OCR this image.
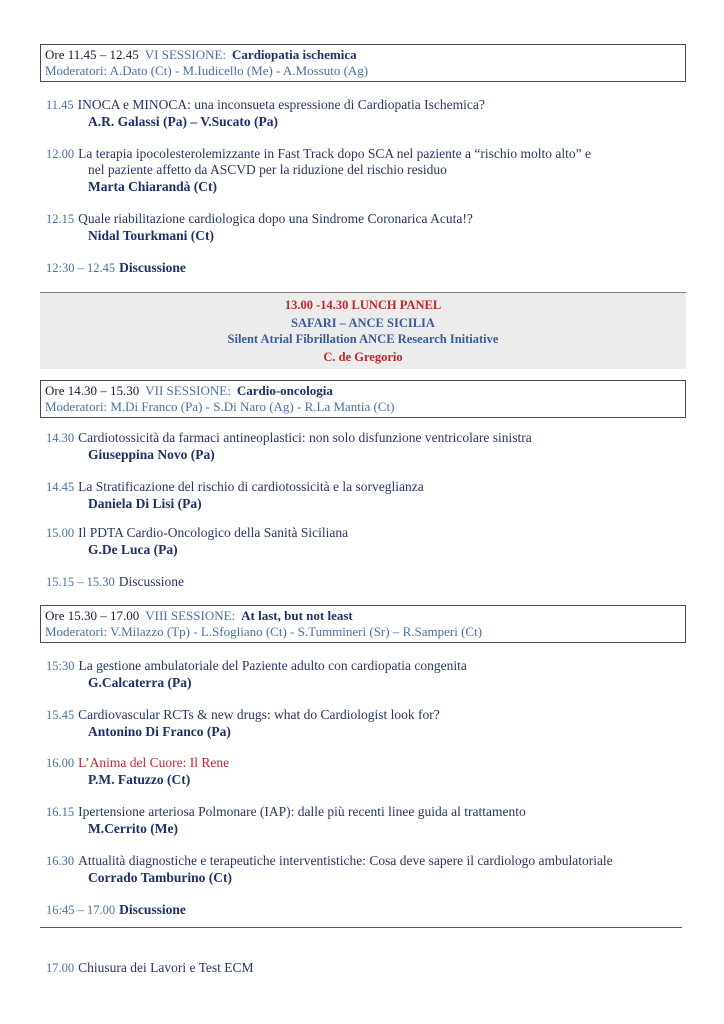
Ore 11.45 – 12.45 VI SESSIONE: Cardiopatia ischemica
Moderatori: A.Dato (Ct) - M.Iudicello (Me) - A.Mossuto (Ag)
11.45 INOCA e MINOCA: una inconsueta espressione di Cardiopatia Ischemica?
A.R. Galassi (Pa) – V.Sucato (Pa)
12.00 La terapia ipocolesterolemizzante in Fast Track dopo SCA nel paziente a “rischio molto alto” e
nel paziente affetto da ASCVD per la riduzione del rischio residuo
Marta Chiarandà (Ct)
12.15 Quale riabilitazione cardiologica dopo una Sindrome Coronarica Acuta!?
Nidal Tourkmani (Ct)
12:30 – 12.45 Discussione
13.00 -14.30 LUNCH PANEL
SAFARI – ANCE SICILIA
Silent Atrial Fibrillation ANCE Research Initiative
C. de Gregorio
Ore 14.30 – 15.30 VII SESSIONE: Cardio-oncologia
Moderatori: M.Di Franco (Pa) - S.Di Naro (Ag) - R.La Mantia (Ct)
14.30 Cardiotossicità da farmaci antineoplastici: non solo disfunzione ventricolare sinistra
Giuseppina Novo (Pa)
14.45 La Stratificazione del rischio di cardiotossicità e la sorveglianza
Daniela Di Lisi (Pa)
15.00 Il PDTA Cardio-Oncologico della Sanità Siciliana
G.De Luca (Pa)
15.15 – 15.30 Discussione
Ore 15.30 – 17.00 VIII SESSIONE: At last, but not least
Moderatori: V.Milazzo (Tp) - L.Sfogliano (Ct) - S.Tumminerì (Sr) – R.Samperi (Ct)
15:30 La gestione ambulatoriale del Paziente adulto con cardiopatia congenita
G.Calcaterra (Pa)
15.45 Cardiovascular RCTs & new drugs: what do Cardiologist look for?
Antonino Di Franco (Pa)
16.00 L’Anima del Cuore: Il Rene
P.M. Fatuzzo (Ct)
16.15 Ipertensione arteriosa Polmonare (IAP): dalle più recenti linee guida al trattamento
M.Cerrito (Me)
16.30 Attualità diagnostiche e terapeutiche interventistiche: Cosa deve sapere il cardiologo ambulatoriale
Corrado Tamburino (Ct)
16:45 – 17.00 Discussione
17.00 Chiusura dei Lavori e Test ECM
